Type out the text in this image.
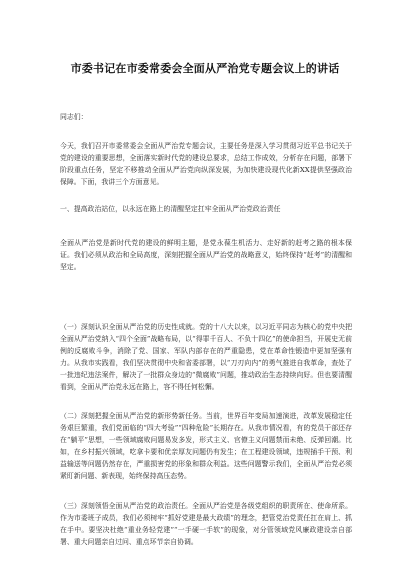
市委书记在市委常委会全面从严治党专题会议上的讲话

同志们：

今天，我们召开市委常委会全面从严治党专题会议，主要任务是深入学习贯彻习近平总书记关于党的建设的重要思想，全面落实新时代党的建设总要求，总结工作成效，分析存在问题，部署下阶段重点任务，坚定不移推动全面从严治党向纵深发展，为加快建设现代化新XX提供坚强政治保障。下面，我讲三个方面意见。

一、提高政治站位，以永远在路上的清醒坚定扛牢全面从严治党政治责任

全面从严治党是新时代党的建设的鲜明主题，是党永葆生机活力、走好新的赶考之路的根本保证。我们必须从政治和全局高度，深刻把握全面从严治党的战略意义，始终保持“赶考”的清醒和坚定。

（一）深刻认识全面从严治党的历史性成就。党的十八大以来，以习近平同志为核心的党中央把全面从严治党纳入“四个全面”战略布局，以“得罪千百人、不负十四亿”的使命担当，开展史无前例的反腐败斗争，消除了党、国家、军队内部存在的严重隐患，党在革命性锻造中更加坚强有力。从我市实践看，我们坚决贯彻中央和省委部署，以“刀刃向内”的勇气推进自我革命，查处了一批违纪违法案件，解决了一批群众身边的“微腐败”问题，推动政治生态持续向好。但也要清醒看到，全面从严治党永远在路上，容不得任何松懈。

（二）深刻把握全面从严治党的新形势新任务。当前，世界百年变局加速演进，改革发展稳定任务艰巨繁重，我们党面临的“四大考验”“四种危险”长期存在。从我市情况看，有的党员干部还存在“躺平”思想，一些领域腐败问题易发多发，形式主义、官僚主义问题禁而未绝、反弹回潮。比如，在乡村振兴领域，吃拿卡要和优亲厚友问题仍有发生；在工程建设领域，违规插手干预、利益输送等问题仍然存在，严重损害党的形象和群众利益。这些问题警示我们，全面从严治党必须紧盯新问题、新表现，始终保持高压态势。

（三）深刻领悟全面从严治党的政治责任。全面从严治党是各级党组织的职责所在、使命所系。作为市委班子成员，我们必须树牢“抓好党建是最大政绩”的理念，把管党治党责任扛在肩上、抓在手中。要坚决杜绝“重业务轻党建”“一手硬一手软”的现象，对分管领域党风廉政建设亲自部署、重大问题亲自过问、重点环节亲自协调。
